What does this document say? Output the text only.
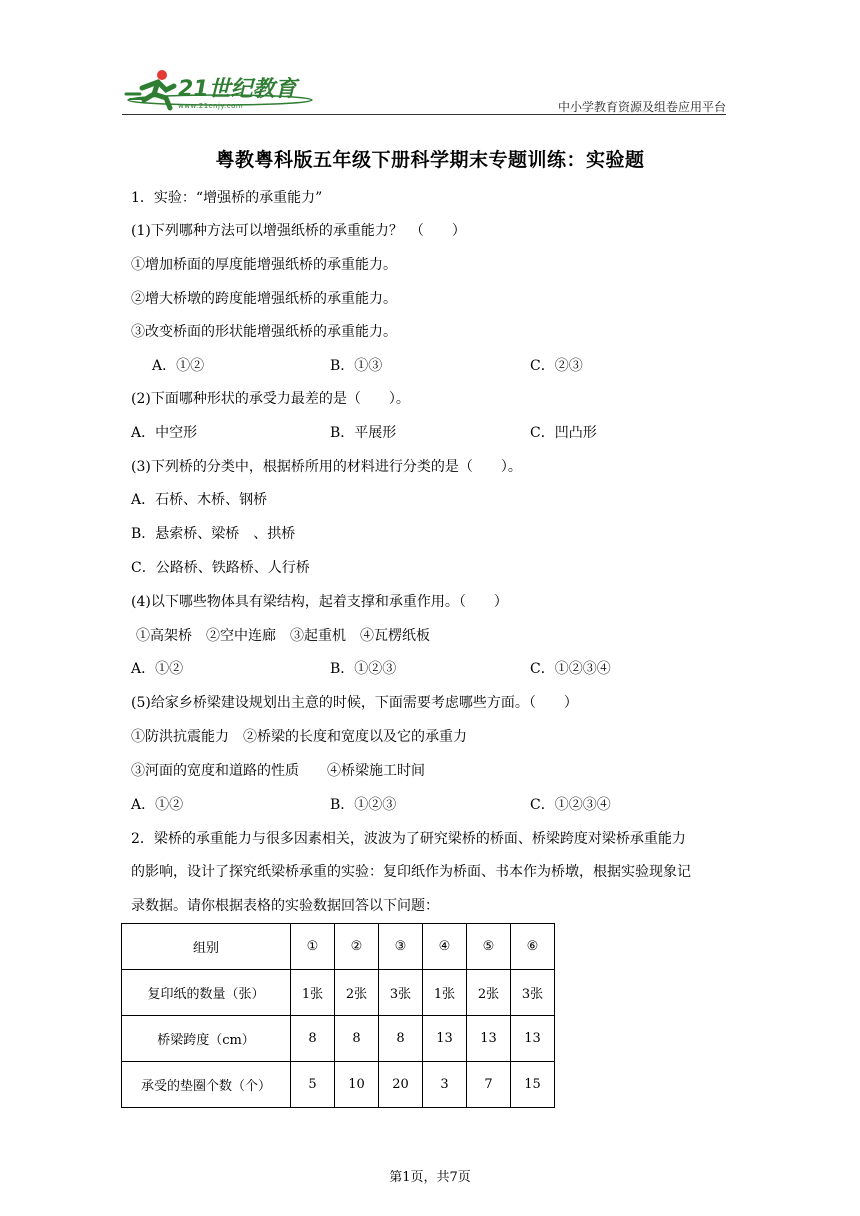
21世纪教育
www.21cnjy.com	中小学教育资源及组卷应用平台
粤教粤科版五年级下册科学期末专题训练：实验题
1．实验：“增强桥的承重能力”
(1)下列哪种方法可以增强纸桥的承重能力？　（　　）
①增加桥面的厚度能增强纸桥的承重能力。
②增大桥墩的跨度能增强纸桥的承重能力。
③改变桥面的形状能增强纸桥的承重能力。
A．①②	B．①③	C．②③
(2)下面哪种形状的承受力最差的是（　　）。
A．中空形	B．平展形	C．凹凸形
(3)下列桥的分类中，根据桥所用的材料进行分类的是（　　）。
A．石桥、木桥、钢桥
B．悬索桥、梁桥　、拱桥
C．公路桥、铁路桥、人行桥
(4)以下哪些物体具有梁结构，起着支撑和承重作用。（　　）
①高架桥　②空中连廊　③起重机　④瓦楞纸板
A．①②	B．①②③	C．①②③④
(5)给家乡桥梁建设规划出主意的时候，下面需要考虑哪些方面。（　　）
①防洪抗震能力　②桥梁的长度和宽度以及它的承重力
③河面的宽度和道路的性质　　④桥梁施工时间
A．①②	B．①②③	C．①②③④
2．梁桥的承重能力与很多因素相关，波波为了研究梁桥的桥面、桥梁跨度对梁桥承重能力
的影响，设计了探究纸梁桥承重的实验：复印纸作为桥面、书本作为桥墩，根据实验现象记
录数据。请你根据表格的实验数据回答以下问题：
组别	①	②	③	④	⑤	⑥
复印纸的数量（张）	1张	2张	3张	1张	2张	3张
桥梁跨度（cm）	8	8	8	13	13	13
承受的垫圈个数（个）	5	10	20	3	7	15
第1页，共7页
